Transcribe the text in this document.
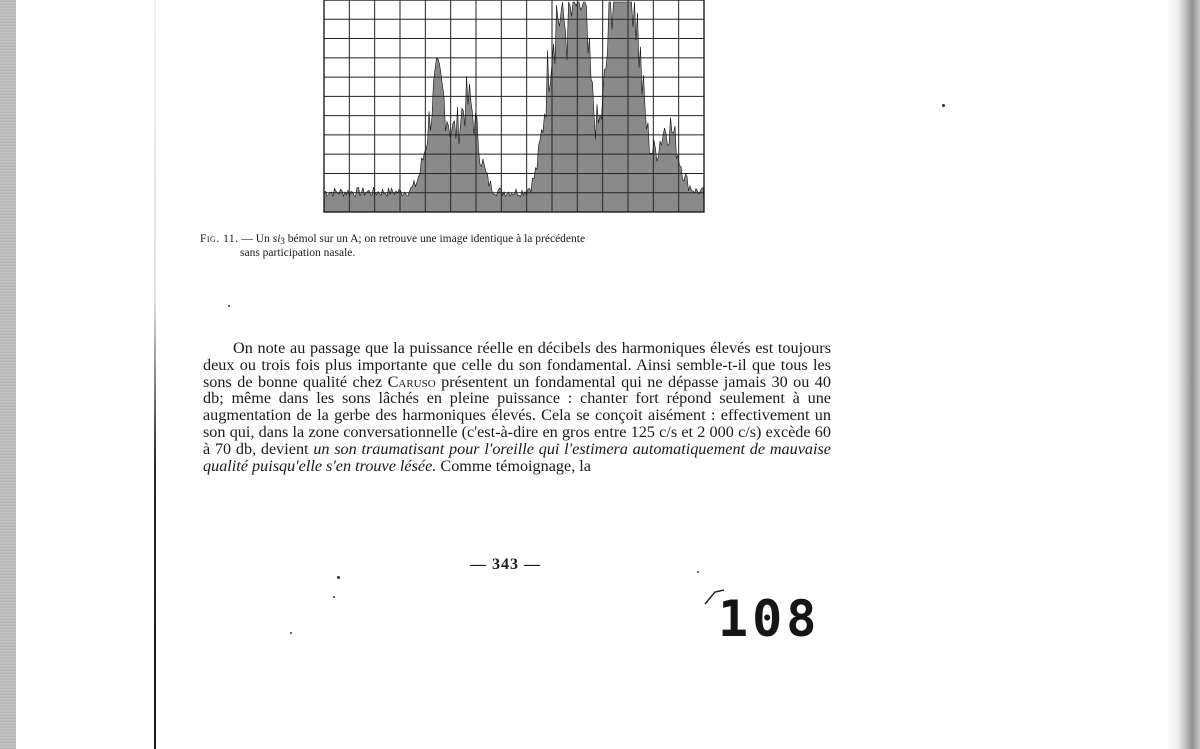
Fig. 11. — Un $si_3$ bémol sur un A; on retrouve une image identique à la précédente
sans participation nasale.

On note au passage que la puissance réelle en décibels des harmoniques élevés est toujours deux ou trois fois plus importante que celle du son fondamental. Ainsi semble-t-il que tous les sons de bonne qualité chez Caruso présentent un fondamental qui ne dépasse jamais 30 ou 40 db; même dans les sons lâchés en pleine puissance : chanter fort répond seulement à une augmentation de la gerbe des harmoniques élevés. Cela se conçoit aisément : effectivement un son qui, dans la zone conversationnelle (c'est-à-dire en gros entre 125 c/s et 2 000 c/s) excède 60 à 70 db, devient un son traumatisant pour l'oreille qui l'estimera automatiquement de mauvaise qualité puisqu'elle s'en trouve lésée. Comme témoignage, la

— 343 —
108
